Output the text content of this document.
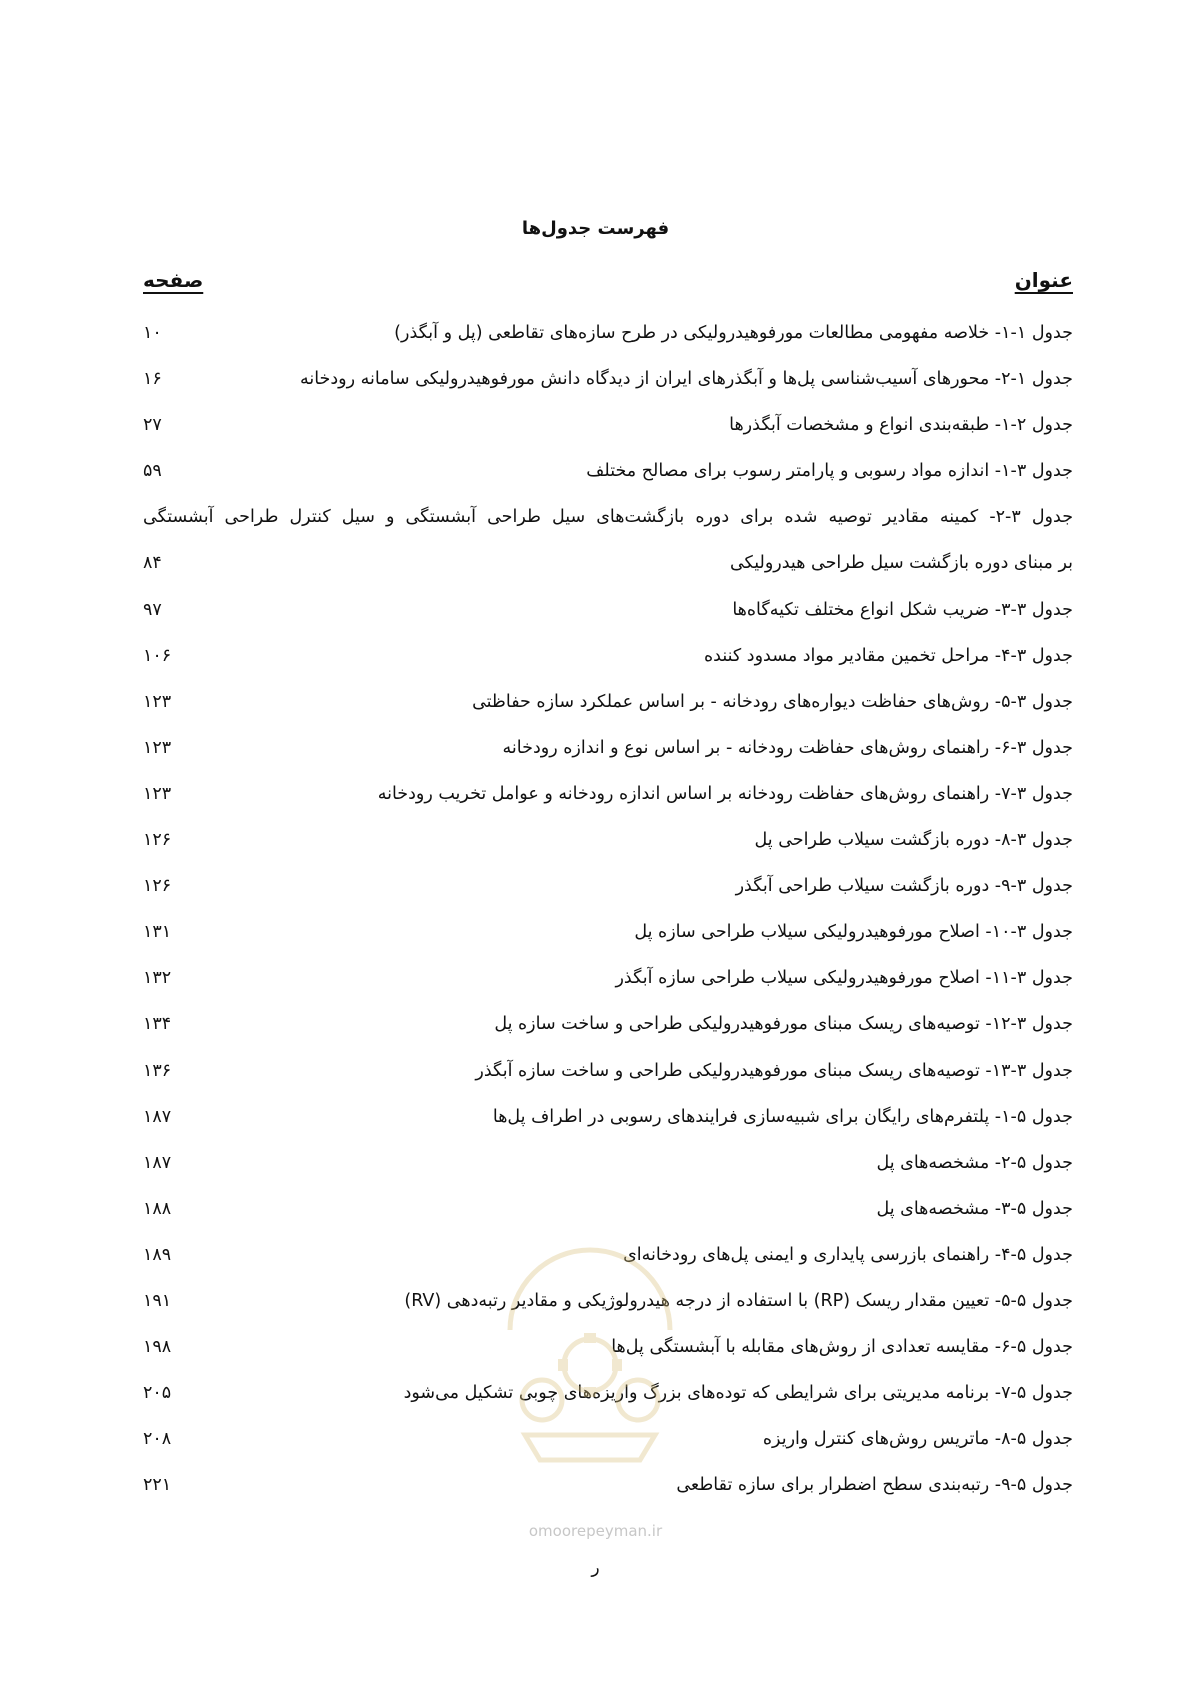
فهرست جدول‌ها
عنوان
صفحه
جدول ۱-۱- خلاصه مفهومی مطالعات مورفوهیدرولیکی در طرح سازه‌های تقاطعی (پل و آبگذر)
۱۰
جدول ۱-۲- محورهای آسیب‌شناسی پل‌ها و آبگذرهای ایران از دیدگاه دانش مورفوهیدرولیکی سامانه رودخانه
۱۶
جدول ۲-۱- طبقه‌بندی انواع و مشخصات آبگذرها
۲۷
جدول ۳-۱- اندازه مواد رسوبی و پارامتر رسوب برای مصالح مختلف
۵۹
جدول ۳-۲- کمینه مقادیر توصیه شده برای دوره بازگشت‌های سیل طراحی آبشستگی و سیل کنترل طراحی آبشستگی
بر مبنای دوره بازگشت سیل طراحی هیدرولیکی
۸۴
جدول ۳-۳- ضریب شکل انواع مختلف تکیه‌گاه‌ها
۹۷
جدول ۳-۴- مراحل تخمین مقادیر مواد مسدود کننده
۱۰۶
جدول ۳-۵- روش‌های حفاظت دیواره‌های رودخانه - بر اساس عملکرد سازه حفاظتی
۱۲۳
جدول ۳-۶- راهنمای روش‌های حفاظت رودخانه - بر اساس نوع و اندازه رودخانه
۱۲۳
جدول ۳-۷- راهنمای روش‌های حفاظت رودخانه بر اساس اندازه رودخانه و عوامل تخریب رودخانه
۱۲۳
جدول ۳-۸- دوره بازگشت سیلاب طراحی پل
۱۲۶
جدول ۳-۹- دوره بازگشت سیلاب طراحی آبگذر
۱۲۶
جدول ۳-۱۰- اصلاح مورفوهیدرولیکی سیلاب طراحی سازه پل
۱۳۱
جدول ۳-۱۱- اصلاح مورفوهیدرولیکی سیلاب طراحی سازه آبگذر
۱۳۲
جدول ۳-۱۲- توصیه‌های ریسک مبنای مورفوهیدرولیکی طراحی و ساخت سازه پل
۱۳۴
جدول ۳-۱۳- توصیه‌های ریسک مبنای مورفوهیدرولیکی طراحی و ساخت سازه آبگذر
۱۳۶
جدول ۵-۱- پلتفرم‌های رایگان برای شبیه‌سازی فرایندهای رسوبی در اطراف پل‌ها
۱۸۷
جدول ۵-۲- مشخصه‌های پل
۱۸۷
جدول ۵-۳- مشخصه‌های پل
۱۸۸
جدول ۵-۴- راهنمای بازرسی پایداری و ایمنی پل‌های رودخانه‌ای
۱۸۹
جدول ۵-۵- تعیین مقدار ریسک (RP) با استفاده از درجه هیدرولوژیکی و مقادیر رتبه‌دهی (RV)
۱۹۱
جدول ۵-۶- مقایسه تعدادی از روش‌های مقابله با آبشستگی پل‌ها
۱۹۸
جدول ۵-۷- برنامه مدیریتی برای شرایطی که توده‌های بزرگ واریزه‌های چوبی تشکیل می‌شود
۲۰۵
جدول ۵-۸- ماتریس روش‌های کنترل واریزه
۲۰۸
جدول ۵-۹- رتبه‌بندی سطح اضطرار برای سازه تقاطعی
۲۲۱
omoorepeyman.ir
ر
